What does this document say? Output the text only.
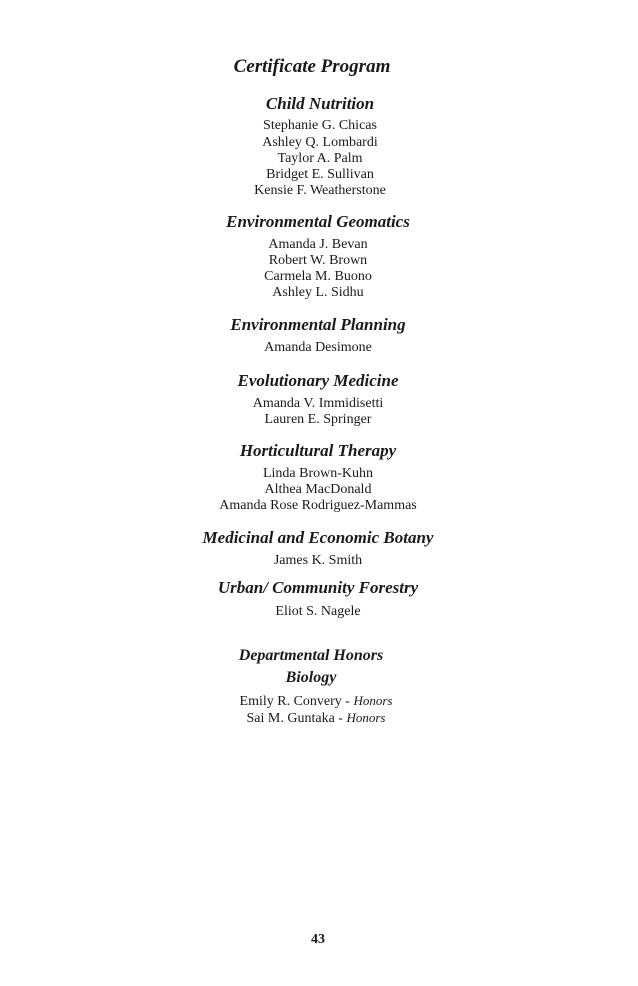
Certificate Program
Child Nutrition
Stephanie G. Chicas
Ashley Q. Lombardi
Taylor A. Palm
Bridget E. Sullivan
Kensie F. Weatherstone
Environmental Geomatics
Amanda J. Bevan
Robert W. Brown
Carmela M. Buono
Ashley L. Sidhu
Environmental Planning
Amanda Desimone
Evolutionary Medicine
Amanda V. Immidisetti
Lauren E. Springer
Horticultural Therapy
Linda Brown-Kuhn
Althea MacDonald
Amanda Rose Rodriguez-Mammas
Medicinal and Economic Botany
James K. Smith
Urban/ Community Forestry
Eliot S. Nagele
Departmental Honors
Biology
Emily R. Convery - Honors
Sai M. Guntaka - Honors
43
